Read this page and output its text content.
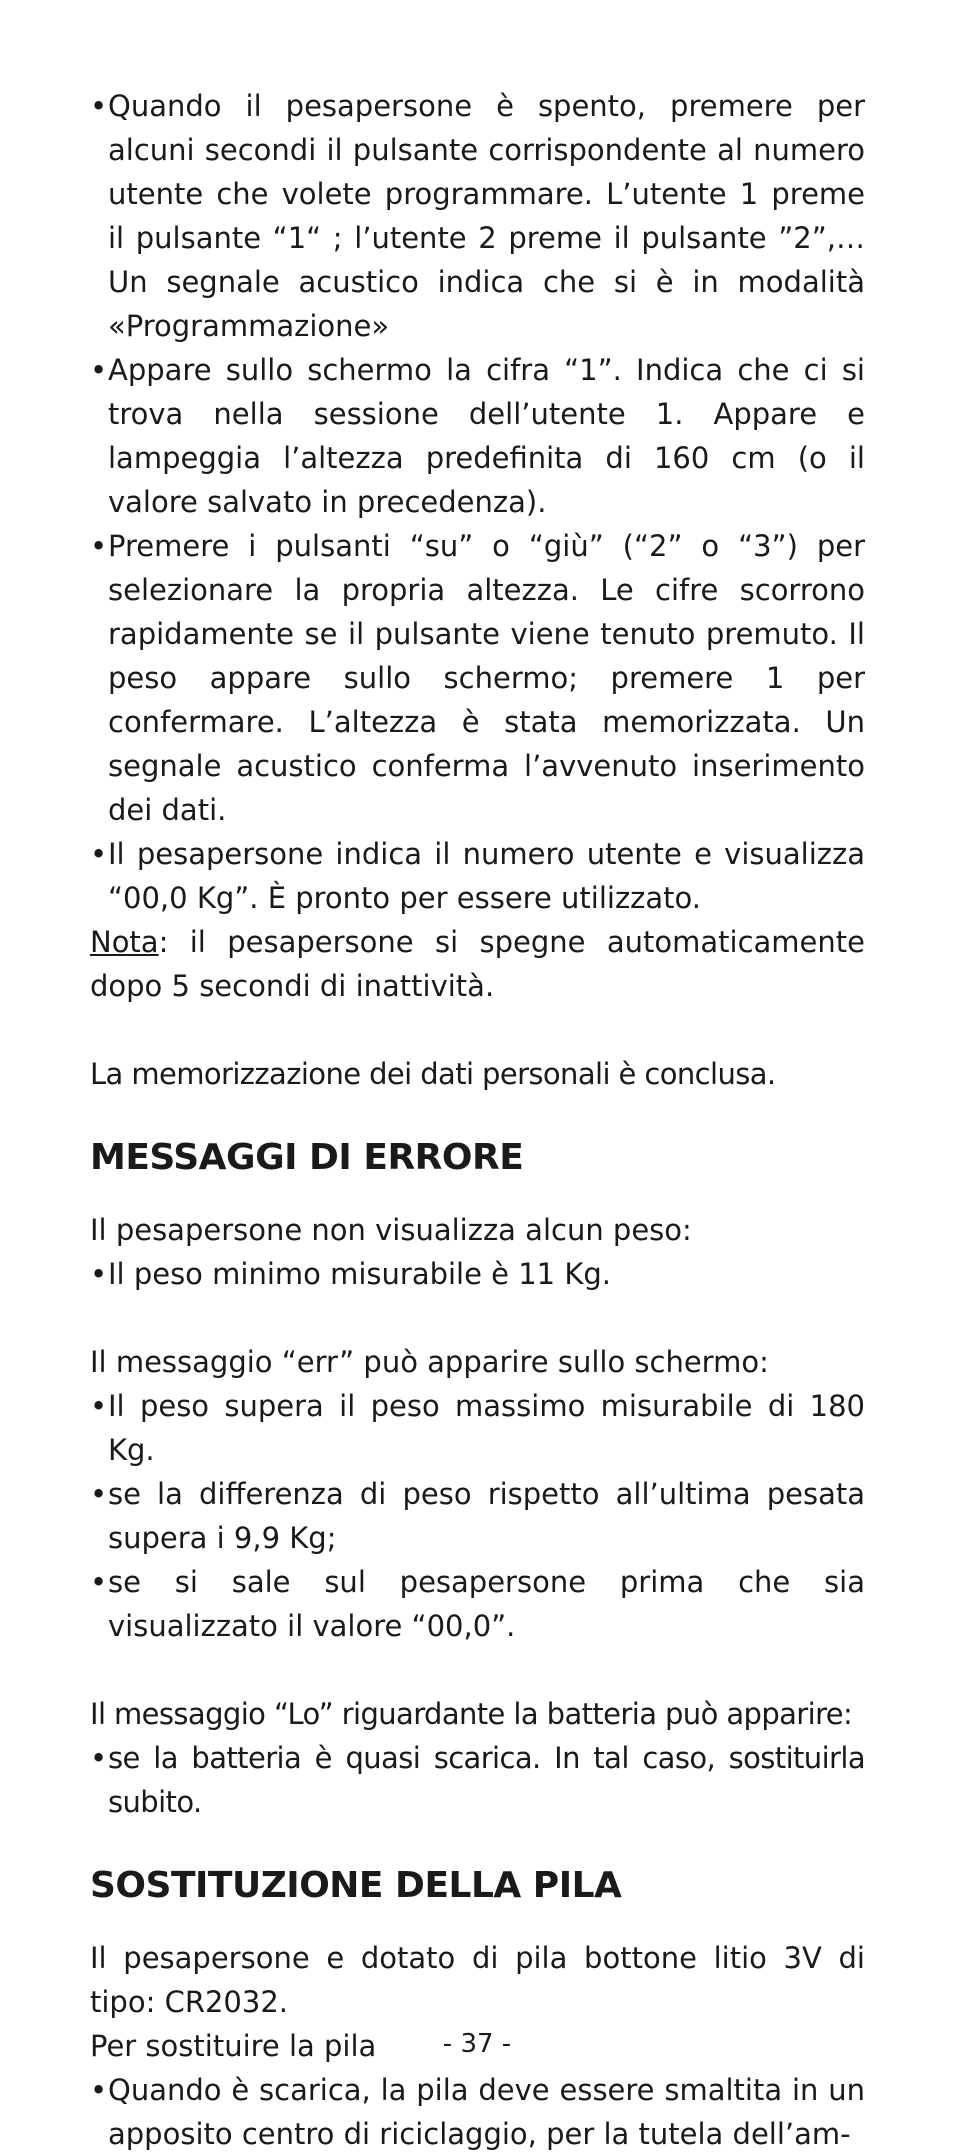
• Quando il pesapersone è spento, premere per alcuni secondi il pulsante corrispondente al numero utente che volete programmare. L’utente 1 preme il pulsante “1“ ; l’utente 2 preme il pulsante ”2”,… Un segnale acustico indica che si è in modalità «Programmazione»
• Appare sullo schermo la cifra “1”. Indica che ci si trova nella sessione dell’utente 1. Appare e lampeggia l’altezza predefinita di 160 cm (o il valore salvato in precedenza).
• Premere i pulsanti “su” o “giù” (“2” o “3”) per selezionare la propria altezza. Le cifre scorrono rapidamente se il pulsante viene tenuto premuto. Il peso appare sullo schermo; premere 1 per confermare. L’altezza è stata memorizzata. Un segnale acustico conferma l’avvenuto inserimento dei dati.
• Il pesapersone indica il numero utente e visualizza “00,0 Kg”. È pronto per essere utilizzato.

Nota: il pesapersone si spegne automaticamente dopo 5 secondi di inattività.

La memorizzazione dei dati personali è conclusa.

MESSAGGI DI ERRORE

Il pesapersone non visualizza alcun peso:

• Il peso minimo misurabile è 11 Kg.

Il messaggio “err” può apparire sullo schermo:

• Il peso supera il peso massimo misurabile di 180 Kg.
• se la differenza di peso rispetto all’ultima pesata supera i 9,9 Kg;
• se si sale sul pesapersone prima che sia visualizzato il valore “00,0”.

Il messaggio “Lo” riguardante la batteria può apparire:

• se la batteria è quasi scarica. In tal caso, sostituirla subito.
SOSTITUZIONE DELLA PILA

Il pesapersone e dotato di pila bottone litio 3V di tipo: CR2032.

Per sostituire la pila

• Quando è scarica, la pila deve essere smaltita in un apposito centro di riciclaggio, per la tutela dell’am-
- 37 -
